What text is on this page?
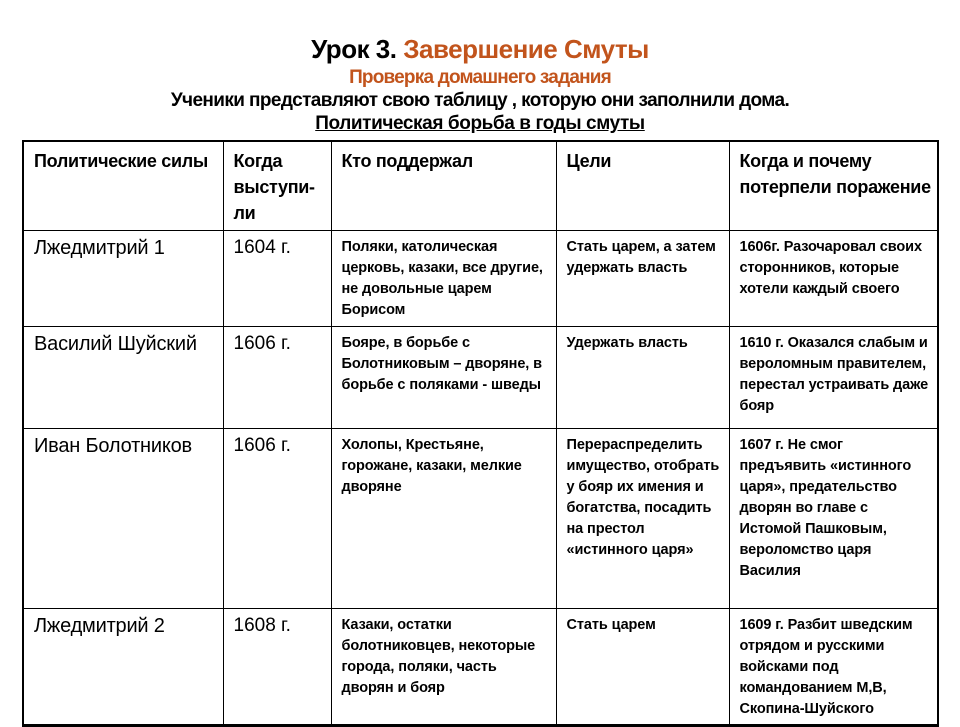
Урок 3. Завершение Смуты
Проверка домашнего задания
Ученики представляют свою таблицу , которую они заполнили дома.
Политическая борьба в годы смуты
Политические силы	Когда выступи-ли	Кто поддержал	Цели	Когда и почему потерпели поражение
Лжедмитрий 1	1604 г.	Поляки, католическая церковь, казаки, все другие, не довольные царем Борисом	Стать царем, а затем удержать власть	1606г. Разочаровал своих сторонников, которые хотели каждый своего
Василий Шуйский	1606 г.	Бояре, в борьбе с Болотниковым – дворяне, в борьбе с поляками - шведы	Удержать власть	1610 г. Оказался слабым и вероломным правителем, перестал устраивать даже бояр
Иван Болотников	1606 г.	Холопы, Крестьяне, горожане, казаки, мелкие дворяне	Перераспределить имущество, отобрать у бояр их имения и богатства, посадить на престол «истинного царя»	1607 г. Не смог предъявить «истинного царя», предательство дворян во главе с Истомой Пашковым, вероломство царя Василия
Лжедмитрий 2	1608 г.	Казаки, остатки болотниковцев, некоторые города, поляки, часть дворян и бояр	Стать царем	1609 г. Разбит шведским отрядом и русскими войсками под командованием М,В, Скопина-Шуйского
